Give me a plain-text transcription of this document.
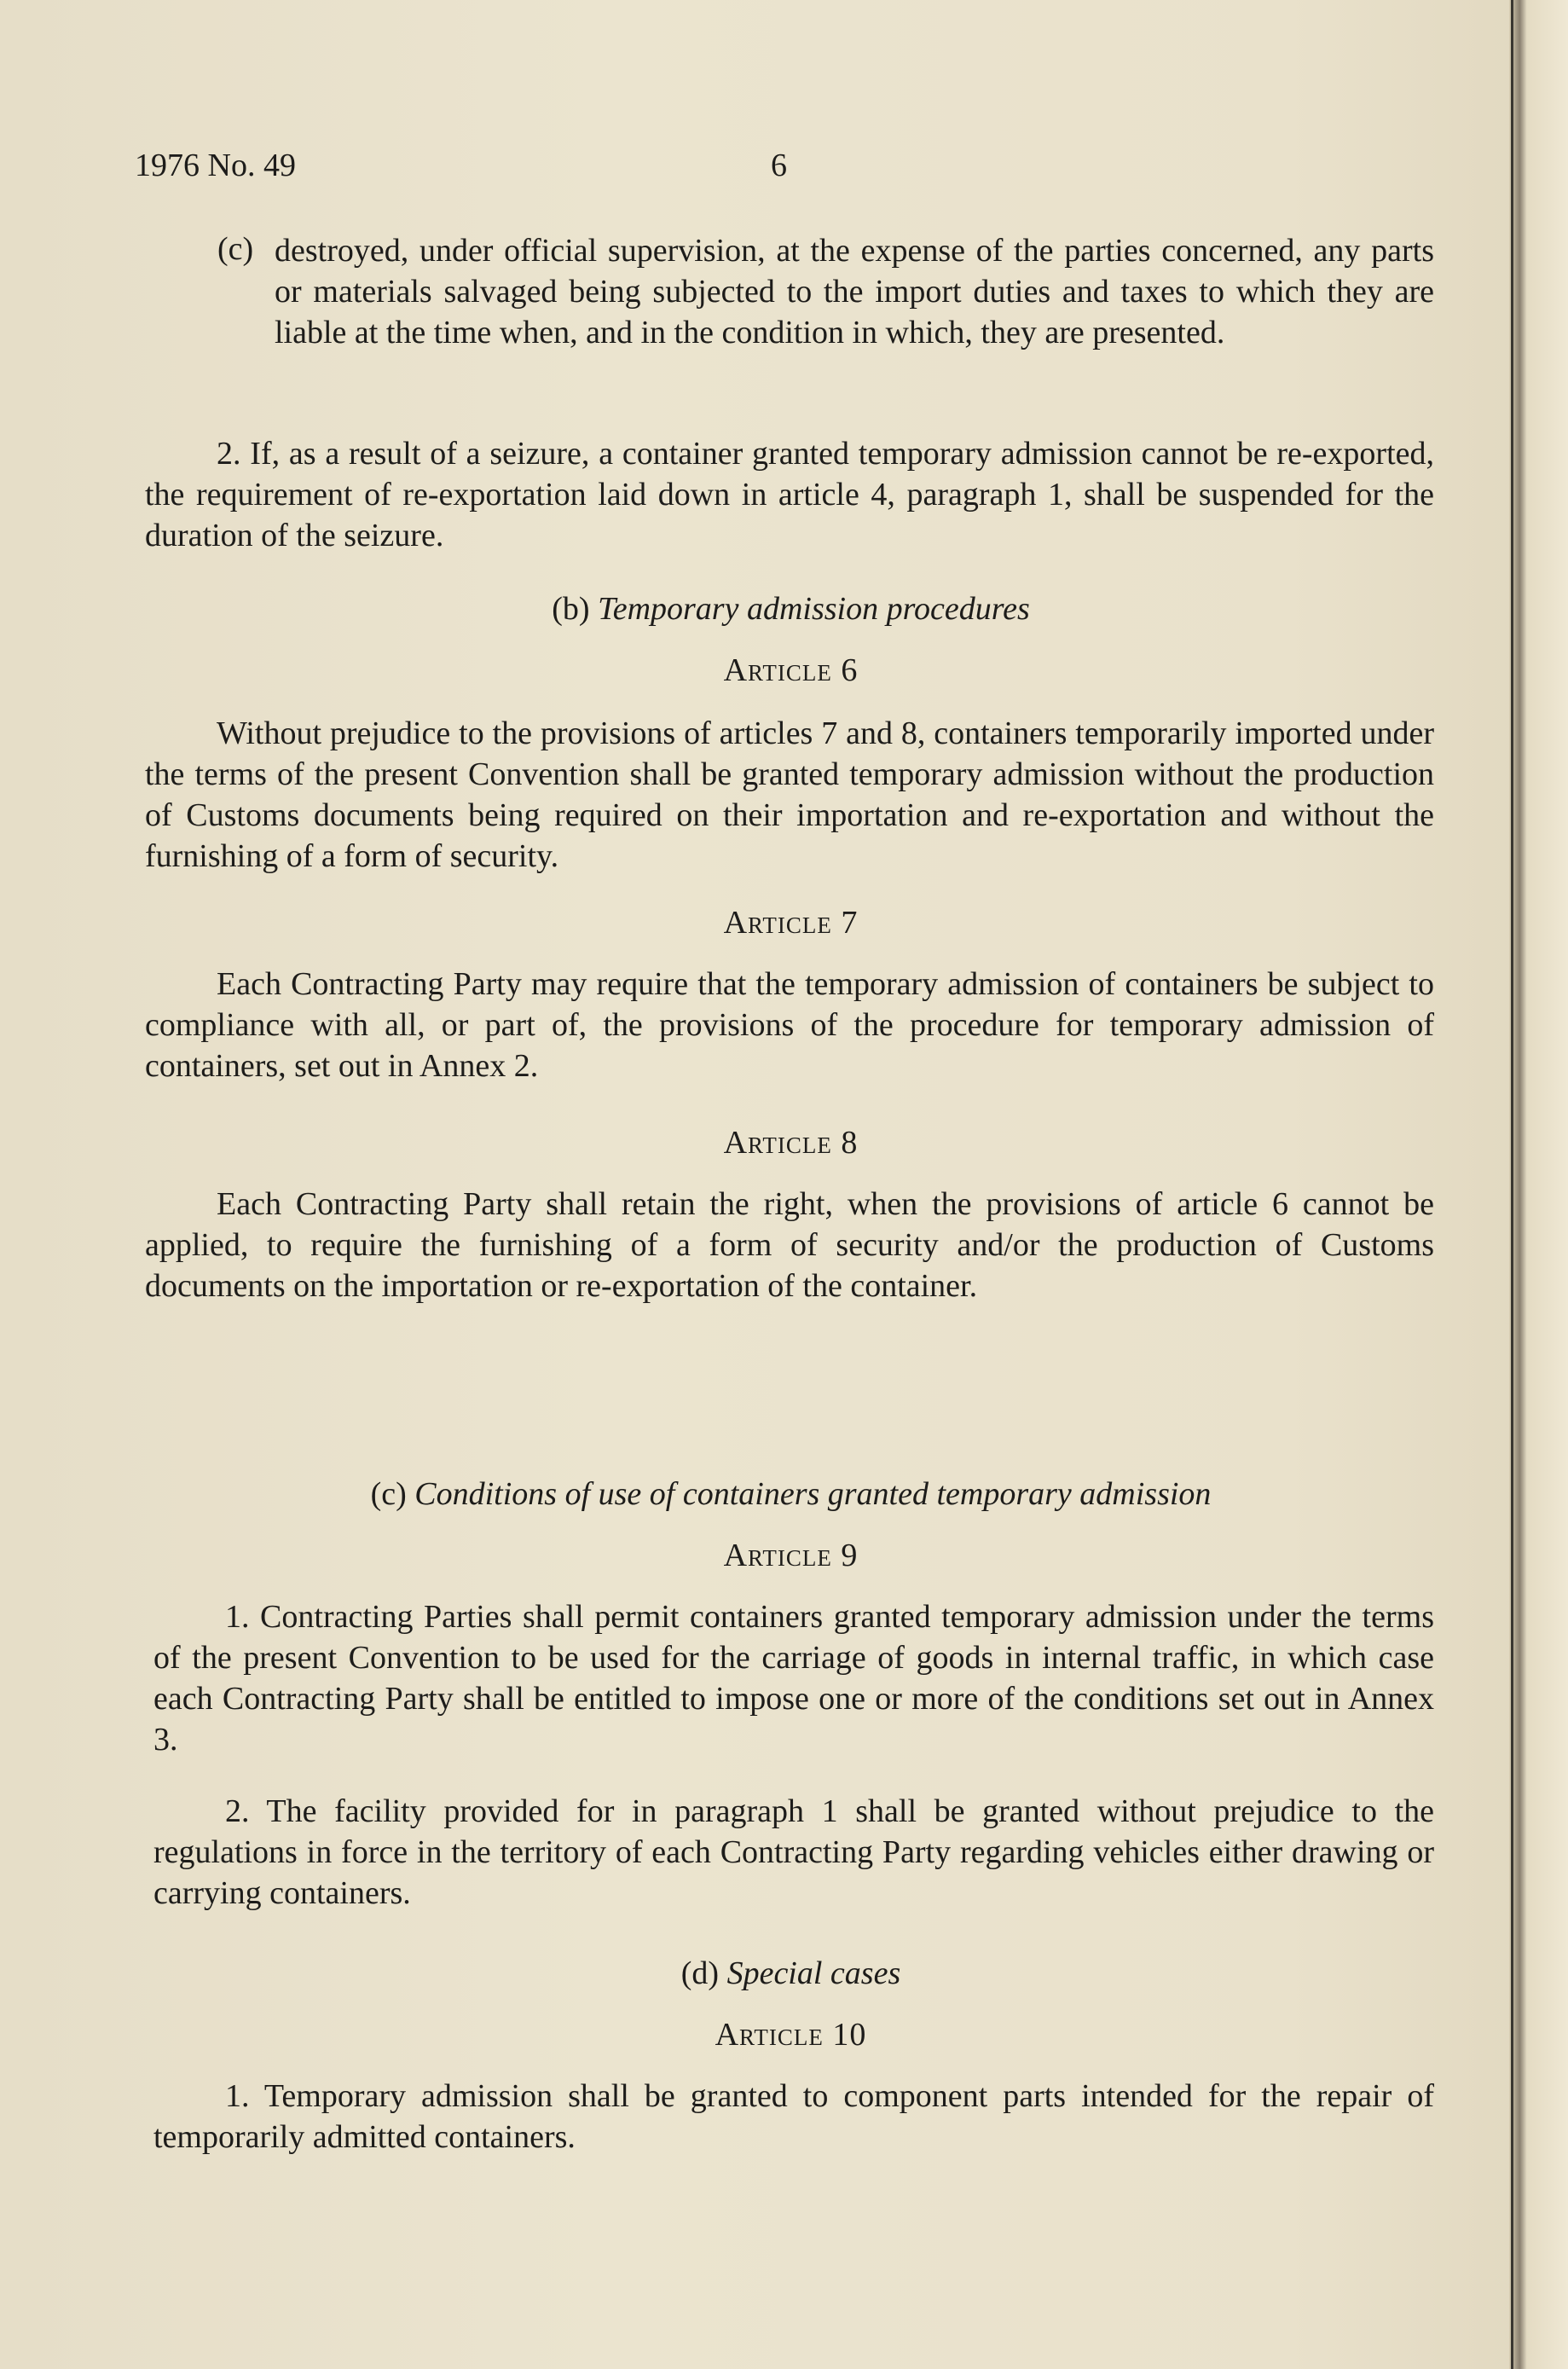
1976 No. 49	6
(c) destroyed, under official supervision, at the expense of the parties concerned, any parts or materials salvaged being subjected to the import duties and taxes to which they are liable at the time when, and in the condition in which, they are presented.

2. If, as a result of a seizure, a container granted temporary admission cannot be re-exported, the requirement of re-exportation laid down in article 4, paragraph 1, shall be suspended for the duration of the seizure.

(b) Temporary admission procedures
Article 6

Without prejudice to the provisions of articles 7 and 8, containers temporarily imported under the terms of the present Convention shall be granted temporary admission without the production of Customs documents being required on their importation and re-exportation and without the furnishing of a form of security.

Article 7

Each Contracting Party may require that the temporary admission of containers be subject to compliance with all, or part of, the provisions of the procedure for temporary admission of containers, set out in Annex 2.

Article 8

Each Contracting Party shall retain the right, when the provisions of article 6 cannot be applied, to require the furnishing of a form of security and/or the production of Customs documents on the importation or re-exportation of the container.

(c) Conditions of use of containers granted temporary admission
Article 9

1. Contracting Parties shall permit containers granted temporary admission under the terms of the present Convention to be used for the carriage of goods in internal traffic, in which case each Contracting Party shall be entitled to impose one or more of the conditions set out in Annex 3.

2. The facility provided for in paragraph 1 shall be granted without prejudice to the regulations in force in the territory of each Contracting Party regarding vehicles either drawing or carrying containers.

(d) Special cases
Article 10

1. Temporary admission shall be granted to component parts intended for the repair of temporarily admitted containers.
